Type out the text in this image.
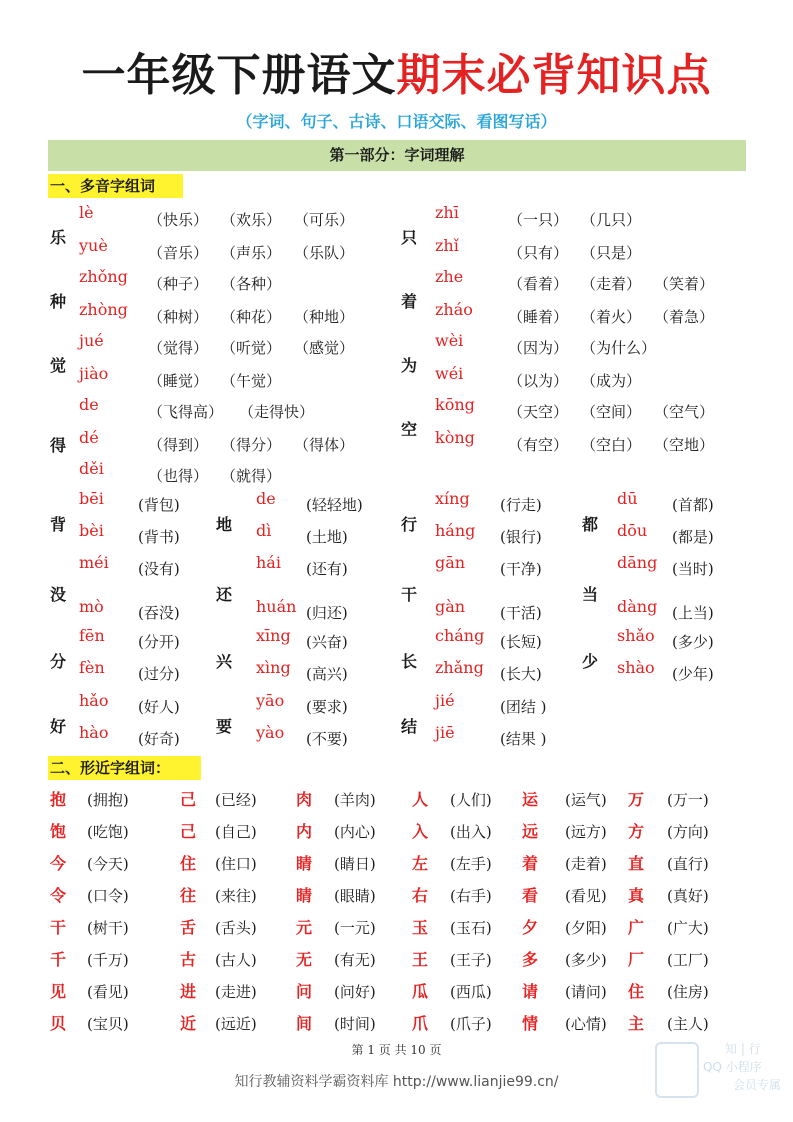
一年级下册语文期末必背知识点
（字词、句子、古诗、口语交际、看图写话）
第一部分：字词理解
一、多音字组词
二、形近字组词：
乐
lè	（快乐） （欢乐） （可乐）
yuè	（音乐） （声乐） （乐队）
种
zhǒng （种子） （各种）
zhòng （种树） （种花） （种地）
觉
jué	（觉得） （听觉） （感觉）
jiào	（睡觉） （午觉）
得
de	（飞得高） （走得快）
dé	（得到） （得分） （得体）
děi	（也得） （就得）
只
zhī	（一只） （几只）
zhǐ	（只有） （只是）
着
zhe	（看着） （走着） （笑着）
zháo （睡着） （着火） （着急）
为
wèi	（因为） （为什么）
wéi	（以为） （成为）
空
kōng （天空） （空间） （空气）
kòng （有空） （空白） （空地）
背
bēi (背包)
bèi (背书)
地
de (轻轻地)
dì (土地)
行
xíng (行走)
háng (银行)
都
dū (首都)
dōu (都是)
没
méi (没有)
mò (吞没)
还
hái (还有)
huán (归还)
干
gān (干净)
gàn (干活)
当
dāng (当时)
dàng (上当)
分
fēn (分开)
fèn (过分)
兴
xīng (兴奋)
xìng (高兴)
长
cháng (长短)
zhǎng (长大)
少
shǎo (多少)
shào (少年)
好
hǎo (好人)
hào (好奇)
要
yāo (要求)
yào (不要)
结
jié	(团结 )
jiē	(结果 )
抱 (拥抱)	己 (已经) 肉 (羊肉) 人 (人们) 运 (运气) 万 (万一)
饱 (吃饱)	己 (自己) 内 (内心) 入 (出入) 远 (远方) 方 (方向)
今 (今天)	住 (住口) 睛 (睛日) 左 (左手) 着 (走着) 直 (直行)
令 (口令)	往 (来往) 睛 (眼睛) 右 (右手) 看 (看见) 真 (真好)
干 (树干)	舌 (舌头) 元 (一元) 玉 (玉石) 夕 (夕阳) 广 (广大)
千 (千万)	古 (古人) 无 (有无) 王 (王子) 多 (多少) 厂 (工厂)
见 (看见)	进 (走进) 问 (问好) 瓜 (西瓜) 请 (请问) 住 (住房)
贝 (宝贝)	近 (远近) 间 (时间) 爪 (爪子) 情 (心情) 主 (主人)
第 1 页 共 10 页
知行教辅资料学霸资料库 http://www.lianjie99.cn/
知 | 行
QQ 小程序
会员专属
